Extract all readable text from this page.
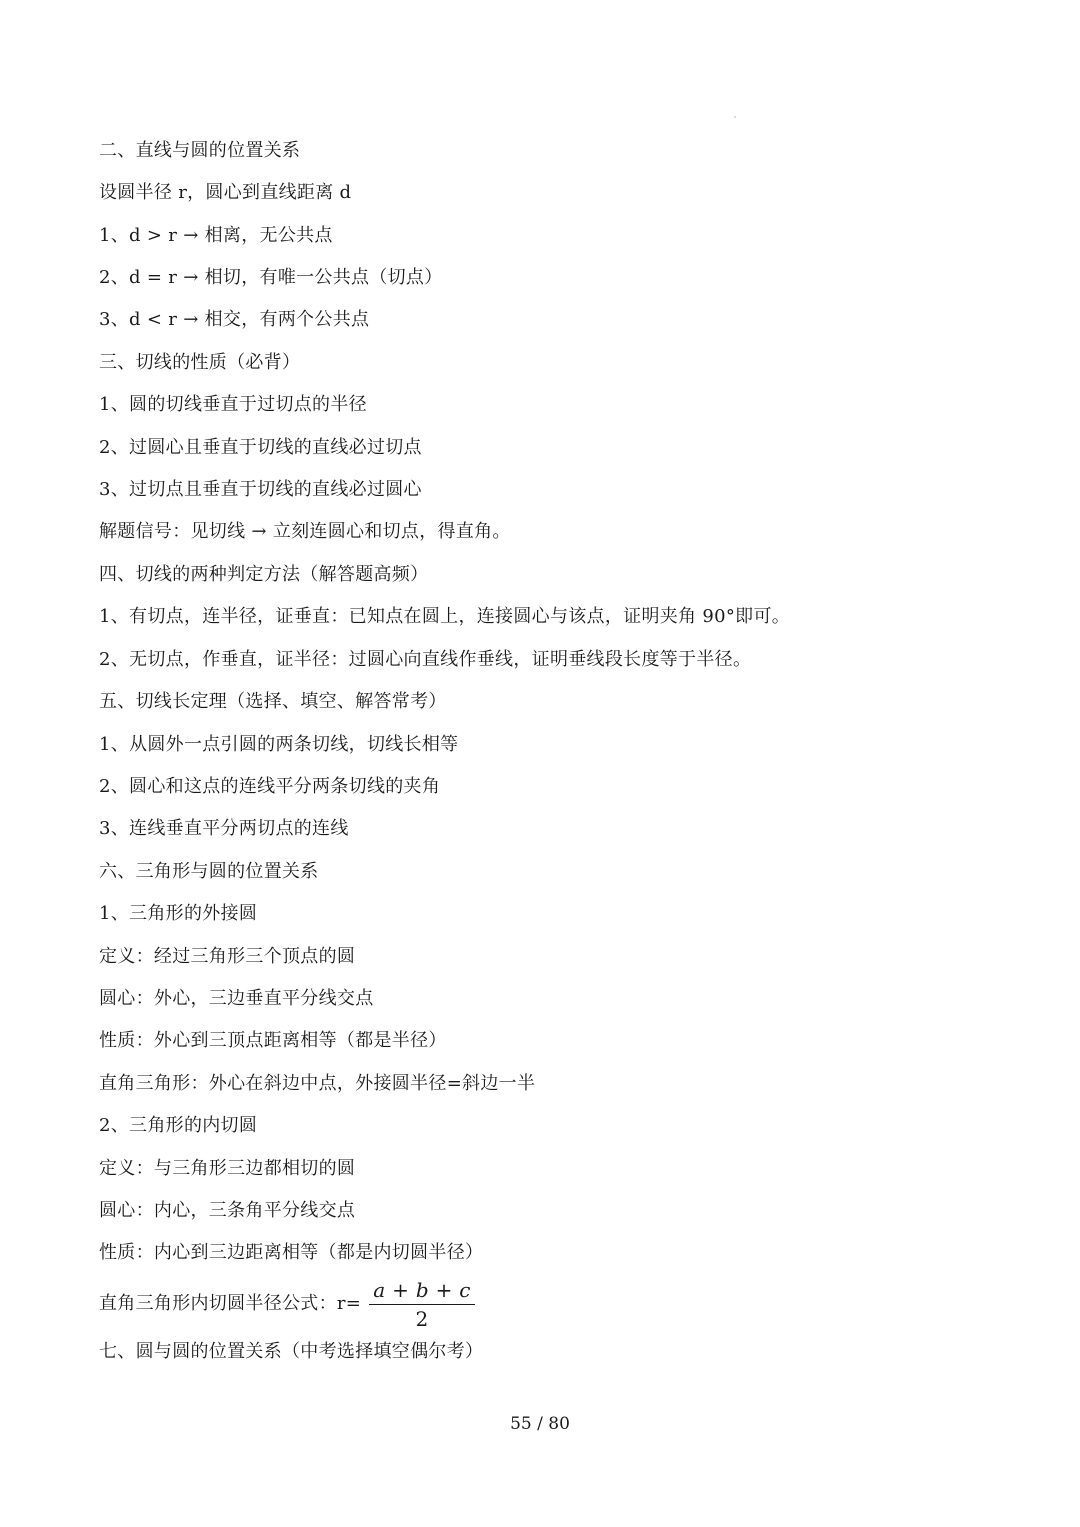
二、直线与圆的位置关系
设圆半径 r，圆心到直线距离 d
1、d > r → 相离，无公共点
2、d = r → 相切，有唯一公共点（切点）
3、d < r → 相交，有两个公共点
三、切线的性质（必背）
1、圆的切线垂直于过切点的半径
2、过圆心且垂直于切线的直线必过切点
3、过切点且垂直于切线的直线必过圆心
解题信号：见切线 → 立刻连圆心和切点，得直角。
四、切线的两种判定方法（解答题高频）
1、有切点，连半径，证垂直：已知点在圆上，连接圆心与该点，证明夹角 90°即可。
2、无切点，作垂直，证半径：过圆心向直线作垂线，证明垂线段长度等于半径。
五、切线长定理（选择、填空、解答常考）
1、从圆外一点引圆的两条切线，切线长相等
2、圆心和这点的连线平分两条切线的夹角
3、连线垂直平分两切点的连线
六、三角形与圆的位置关系
1、三角形的外接圆
定义：经过三角形三个顶点的圆
圆心：外心，三边垂直平分线交点
性质：外心到三顶点距离相等（都是半径）
直角三角形：外心在斜边中点，外接圆半径=斜边一半
2、三角形的内切圆
定义：与三角形三边都相切的圆
圆心：内心，三条角平分线交点
性质：内心到三边距离相等（都是内切圆半径）
直角三角形内切圆半径公式：$r= \frac{a + b + c}{2}$
七、圆与圆的位置关系（中考选择填空偶尔考）
55 / 80
